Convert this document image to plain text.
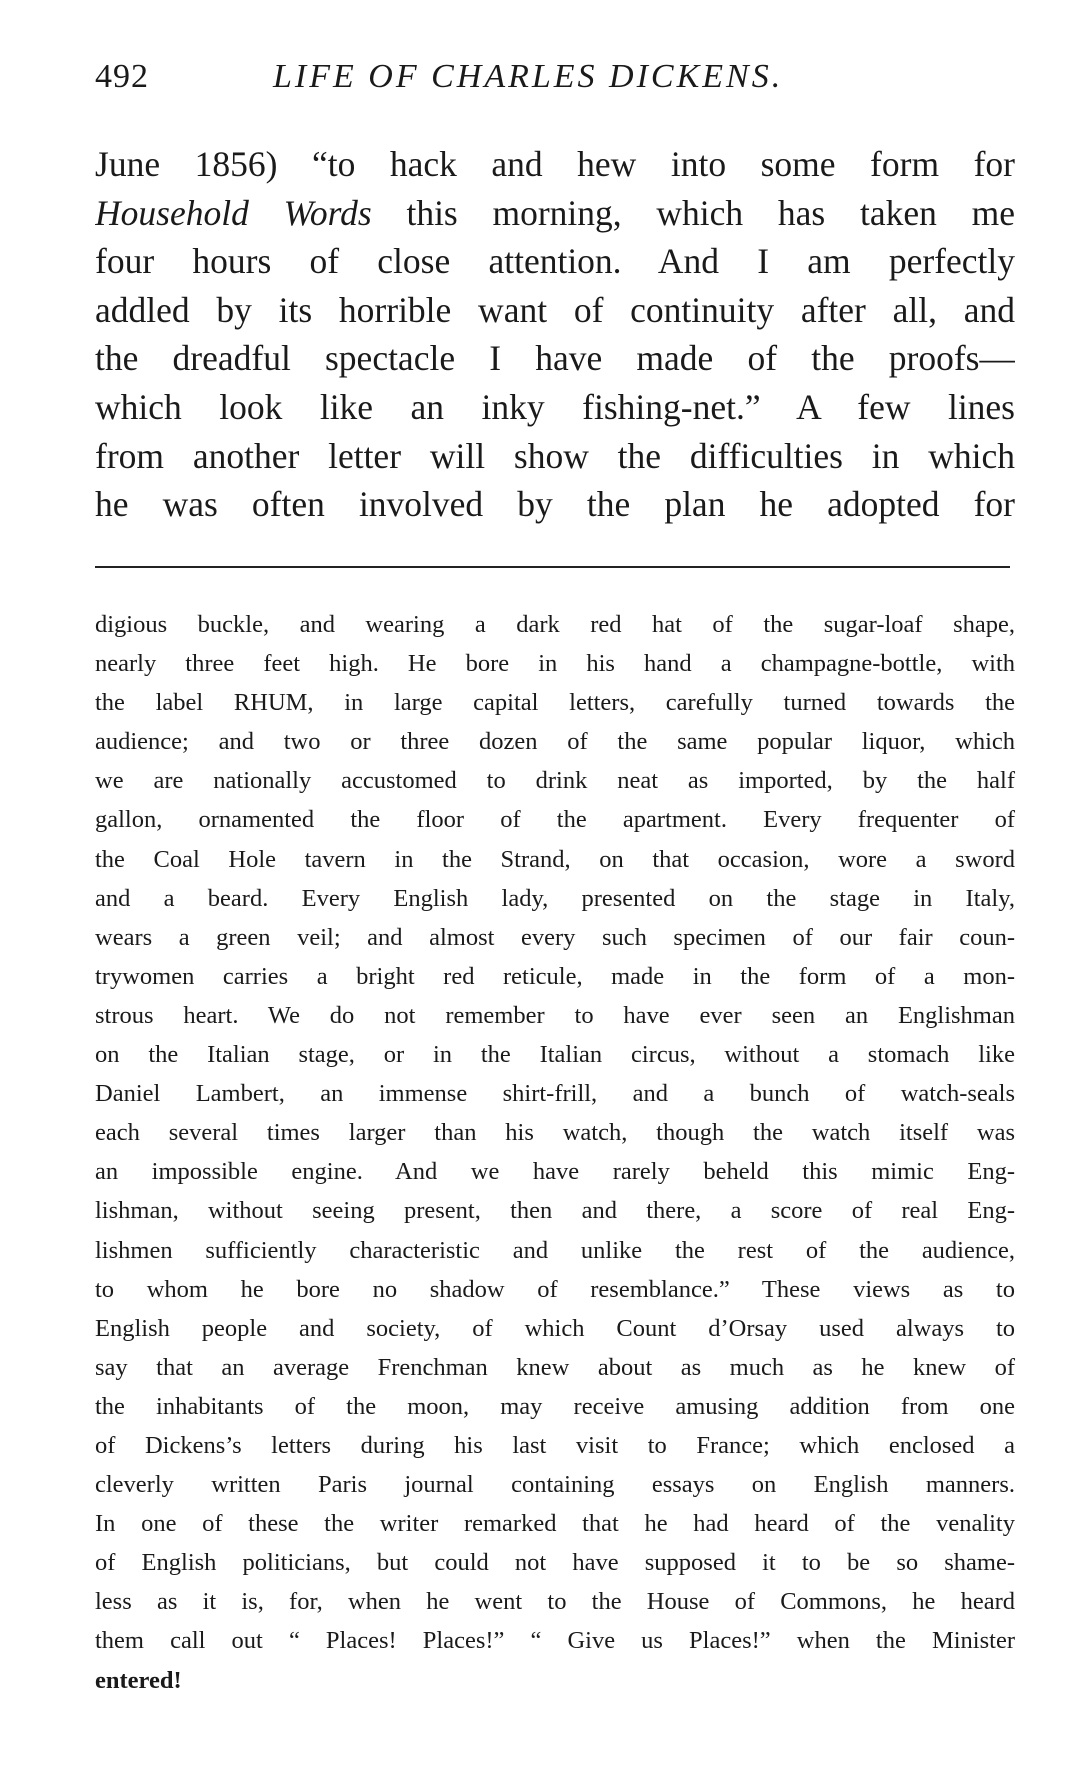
492	LIFE OF CHARLES DICKENS.
June 1856) “to hack and hew into some form for
Household Words this morning, which has taken me
four hours of close attention. And I am perfectly
addled by its horrible want of continuity after all, and
the dreadful spectacle I have made of the proofs—
which look like an inky fishing-net.” A few lines
from another letter will show the difficulties in which
he was often involved by the plan he adopted for
digious buckle, and wearing a dark red hat of the sugar-loaf shape,
nearly three feet high. He bore in his hand a champagne-bottle, with
the label RHUM, in large capital letters, carefully turned towards the
audience; and two or three dozen of the same popular liquor, which
we are nationally accustomed to drink neat as imported, by the half
gallon, ornamented the floor of the apartment. Every frequenter of
the Coal Hole tavern in the Strand, on that occasion, wore a sword
and a beard. Every English lady, presented on the stage in Italy,
wears a green veil; and almost every such specimen of our fair coun-
trywomen carries a bright red reticule, made in the form of a mon-
strous heart. We do not remember to have ever seen an Englishman
on the Italian stage, or in the Italian circus, without a stomach like
Daniel Lambert, an immense shirt-frill, and a bunch of watch-seals
each several times larger than his watch, though the watch itself was
an impossible engine. And we have rarely beheld this mimic Eng-
lishman, without seeing present, then and there, a score of real Eng-
lishmen sufficiently characteristic and unlike the rest of the audience,
to whom he bore no shadow of resemblance.” These views as to
English people and society, of which Count d’Orsay used always to
say that an average Frenchman knew about as much as he knew of
the inhabitants of the moon, may receive amusing addition from one
of Dickens’s letters during his last visit to France; which enclosed a
cleverly written Paris journal containing essays on English manners.
In one of these the writer remarked that he had heard of the venality
of English politicians, but could not have supposed it to be so shame-
less as it is, for, when he went to the House of Commons, he heard
them call out “ Places! Places!” “ Give us Places!” when the Minister
entered!
